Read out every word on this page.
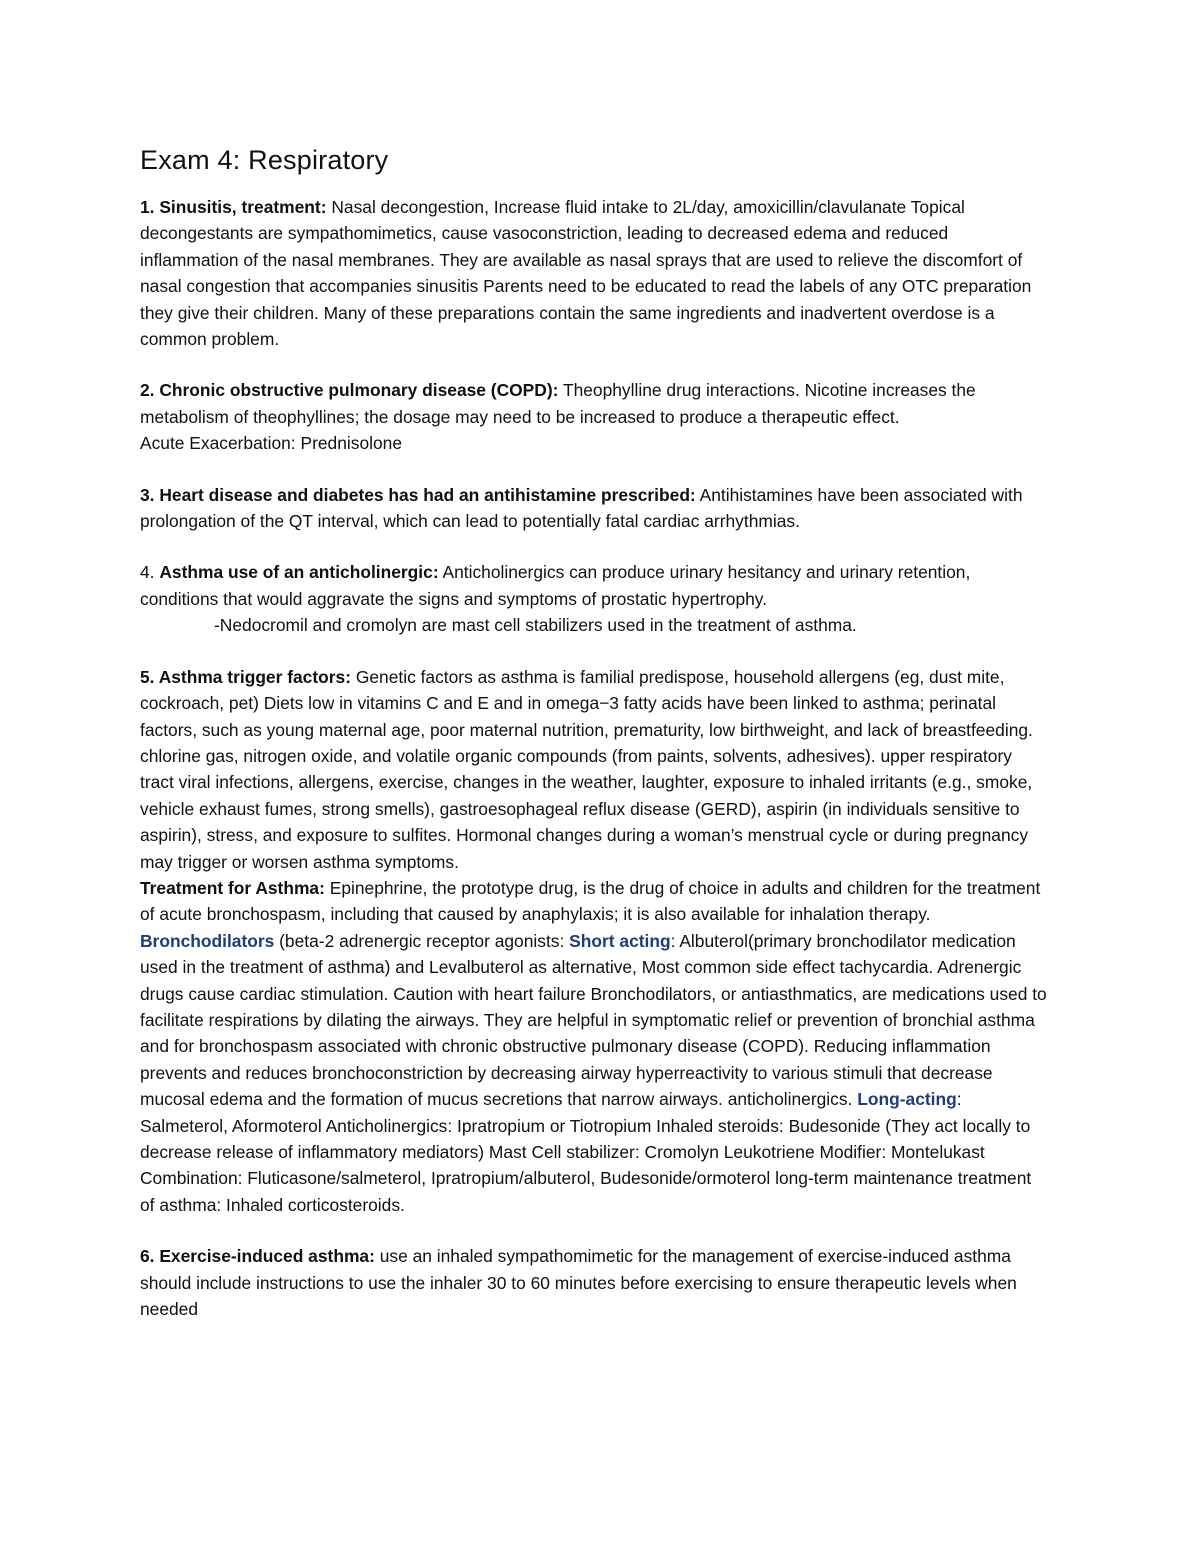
Exam 4: Respiratory

1. Sinusitis, treatment: Nasal decongestion, Increase fluid intake to 2L/day, amoxicillin/clavulanate Topical decongestants are sympathomimetics, cause vasoconstriction, leading to decreased edema and reduced inflammation of the nasal membranes. They are available as nasal sprays that are used to relieve the discomfort of nasal congestion that accompanies sinusitis Parents need to be educated to read the labels of any OTC preparation they give their children. Many of these preparations contain the same ingredients and inadvertent overdose is a common problem.

2. Chronic obstructive pulmonary disease (COPD): Theophylline drug interactions. Nicotine increases the metabolism of theophyllines; the dosage may need to be increased to produce a therapeutic effect.

Acute Exacerbation: Prednisolone

3. Heart disease and diabetes has had an antihistamine prescribed: Antihistamines have been associated with prolongation of the QT interval, which can lead to potentially fatal cardiac arrhythmias.

4. Asthma use of an anticholinergic: Anticholinergics can produce urinary hesitancy and urinary retention, conditions that would aggravate the signs and symptoms of prostatic hypertrophy.

-Nedocromil and cromolyn are mast cell stabilizers used in the treatment of asthma.

5. Asthma trigger factors: Genetic factors as asthma is familial predispose, household allergens (eg, dust mite, cockroach, pet) Diets low in vitamins C and E and in omega−3 fatty acids have been linked to asthma; perinatal factors, such as young maternal age, poor maternal nutrition, prematurity, low birthweight, and lack of breastfeeding. chlorine gas, nitrogen oxide, and volatile organic compounds (from paints, solvents, adhesives). upper respiratory tract viral infections, allergens, exercise, changes in the weather, laughter, exposure to inhaled irritants (e.g., smoke, vehicle exhaust fumes, strong smells), gastroesophageal reflux disease (GERD), aspirin (in individuals sensitive to aspirin), stress, and exposure to sulfites. Hormonal changes during a woman’s menstrual cycle or during pregnancy may trigger or worsen asthma symptoms.

Treatment for Asthma: Epinephrine, the prototype drug, is the drug of choice in adults and children for the treatment of acute bronchospasm, including that caused by anaphylaxis; it is also available for inhalation therapy. Bronchodilators (beta-2 adrenergic receptor agonists: Short acting: Albuterol(primary bronchodilator medication used in the treatment of asthma) and Levalbuterol as alternative, Most common side effect tachycardia. Adrenergic drugs cause cardiac stimulation. Caution with heart failure Bronchodilators, or antiasthmatics, are medications used to facilitate respirations by dilating the airways. They are helpful in symptomatic relief or prevention of bronchial asthma and for bronchospasm associated with chronic obstructive pulmonary disease (COPD). Reducing inflammation prevents and reduces bronchoconstriction by decreasing airway hyperreactivity to various stimuli that decrease mucosal edema and the formation of mucus secretions that narrow airways. anticholinergics. Long-acting: Salmeterol, Aformoterol Anticholinergics: Ipratropium or Tiotropium Inhaled steroids: Budesonide (They act locally to decrease release of inflammatory mediators) Mast Cell stabilizer: Cromolyn Leukotriene Modifier: Montelukast Combination: Fluticasone/salmeterol, Ipratropium/albuterol, Budesonide/ormoterol long-term maintenance treatment of asthma: Inhaled corticosteroids.

6. Exercise-induced asthma: use an inhaled sympathomimetic for the management of exercise-induced asthma should include instructions to use the inhaler 30 to 60 minutes before exercising to ensure therapeutic levels when needed
